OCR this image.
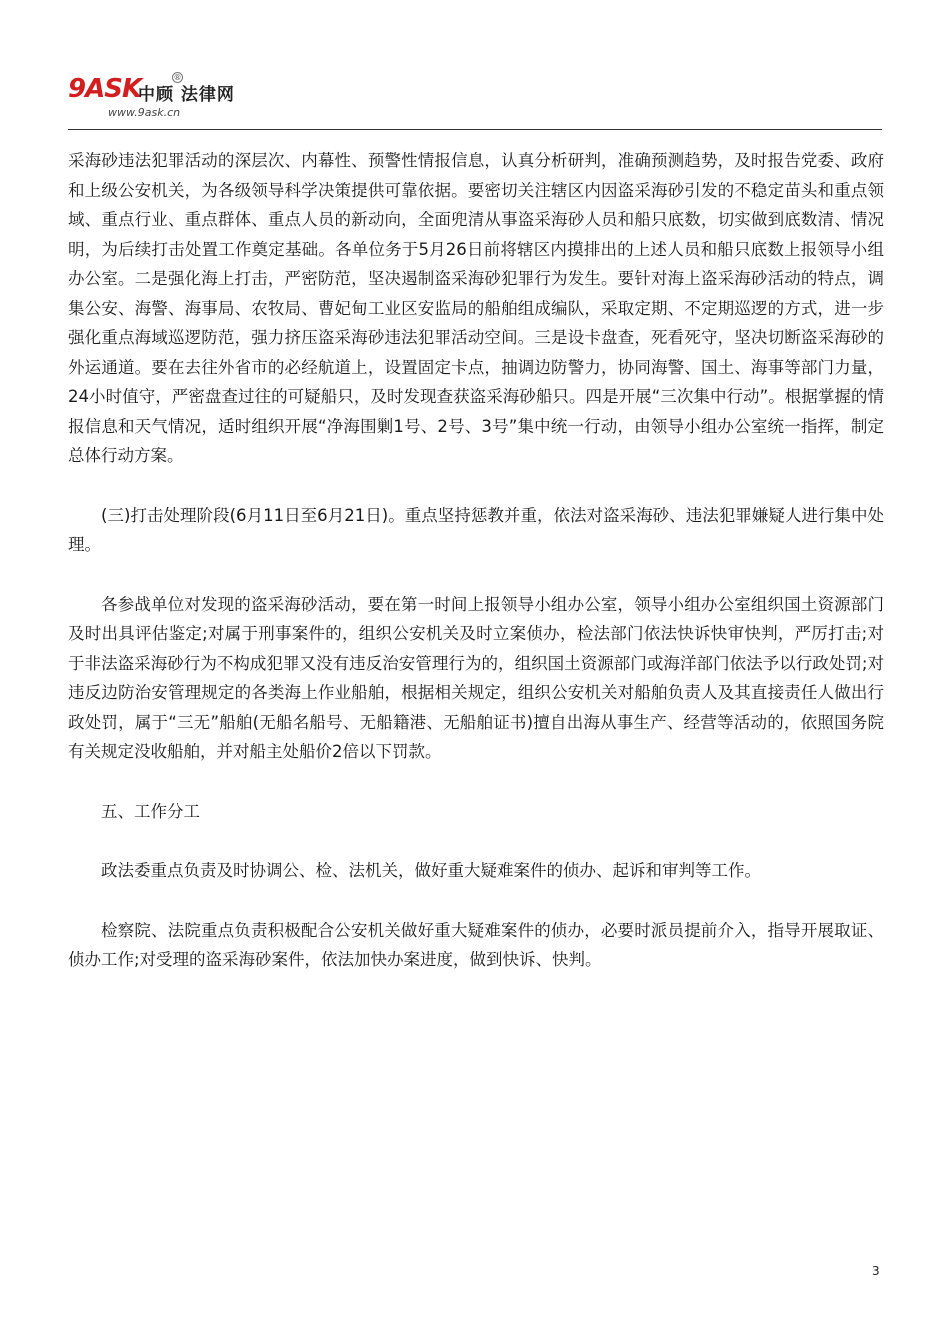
9ASK
中顾 法律网
®
www.9ask.cn

采海砂违法犯罪活动的深层次、内幕性、预警性情报信息，认真分析研判，准确预测趋势，及时报告党委、政府和上级公安机关，为各级领导科学决策提供可靠依据。要密切关注辖区内因盗采海砂引发的不稳定苗头和重点领域、重点行业、重点群体、重点人员的新动向，全面兜清从事盗采海砂人员和船只底数，切实做到底数清、情况明，为后续打击处置工作奠定基础。各单位务于5月26日前将辖区内摸排出的上述人员和船只底数上报领导小组办公室。二是强化海上打击，严密防范，坚决遏制盗采海砂犯罪行为发生。要针对海上盗采海砂活动的特点，调集公安、海警、海事局、农牧局、曹妃甸工业区安监局的船舶组成编队，采取定期、不定期巡逻的方式，进一步强化重点海域巡逻防范，强力挤压盗采海砂违法犯罪活动空间。三是设卡盘查，死看死守，坚决切断盗采海砂的外运通道。要在去往外省市的必经航道上，设置固定卡点，抽调边防警力，协同海警、国土、海事等部门力量，24小时值守，严密盘查过往的可疑船只，及时发现查获盗采海砂船只。四是开展“三次集中行动”。根据掌握的情报信息和天气情况，适时组织开展“净海围剿1号、2号、3号”集中统一行动，由领导小组办公室统一指挥，制定总体行动方案。

(三)打击处理阶段(6月11日至6月21日)。重点坚持惩教并重，依法对盗采海砂、违法犯罪嫌疑人进行集中处理。

各参战单位对发现的盗采海砂活动，要在第一时间上报领导小组办公室，领导小组办公室组织国土资源部门及时出具评估鉴定;对属于刑事案件的，组织公安机关及时立案侦办，检法部门依法快诉快审快判，严厉打击;对于非法盗采海砂行为不构成犯罪又没有违反治安管理行为的，组织国土资源部门或海洋部门依法予以行政处罚;对违反边防治安管理规定的各类海上作业船舶，根据相关规定，组织公安机关对船舶负责人及其直接责任人做出行政处罚，属于“三无”船舶(无船名船号、无船籍港、无船舶证书)擅自出海从事生产、经营等活动的，依照国务院有关规定没收船舶，并对船主处船价2倍以下罚款。

五、工作分工

政法委重点负责及时协调公、检、法机关，做好重大疑难案件的侦办、起诉和审判等工作。

检察院、法院重点负责积极配合公安机关做好重大疑难案件的侦办，必要时派员提前介入，指导开展取证、侦办工作;对受理的盗采海砂案件，依法加快办案进度，做到快诉、快判。

3
